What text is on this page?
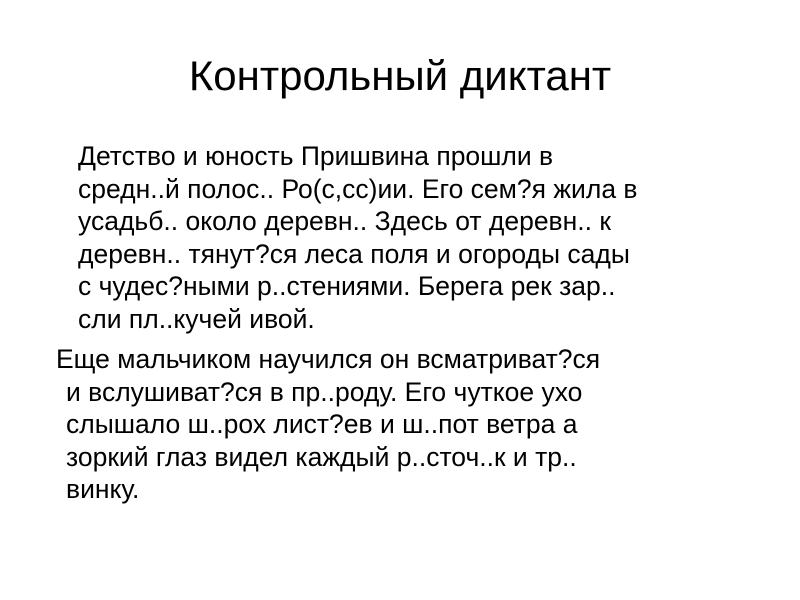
Контрольный диктант
Детство и юность Пришвина прошли в
средн..й полос.. Ро(с,сс)ии. Его сем?я жила в
усадьб.. около деревн.. Здесь от деревн.. к
деревн.. тянут?ся леса поля и огороды сады
с чудес?ными р..стениями. Берега рек зар..
сли пл..кучей ивой.
Еще мальчиком научился он всматриват?ся
и вслушиват?ся в пр..роду. Его чуткое ухо
слышало ш..рох лист?ев и ш..пот ветра а
зоркий глаз видел каждый р..сточ..к и тр..
винку.
